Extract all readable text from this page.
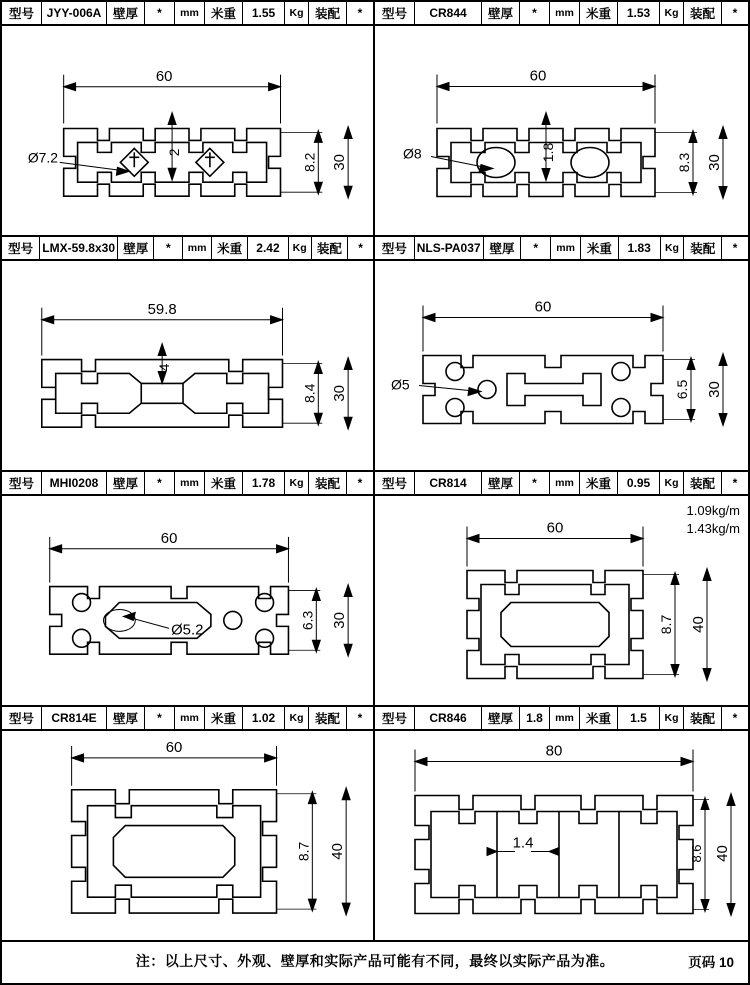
型号	JYY-006A 壁厚	*	mm 米重	1.55	Kg 装配	*
60
2
8.2 30
Ø7.2
型号	CR844	壁厚	*	mm 米重	1.53	Kg 装配	*
60
1.8
8.3 30
Ø8
型号 LMX-59.8x30 壁厚	*	mm 米重	2.42	Kg 装配	*
59.8
4
8.4 30
型号 NLS-PA037 壁厚	*	mm 米重	1.83	Kg 装配	*
60
6.5 30
Ø5
型号	MHI0208	壁厚	*	mm 米重	1.78	Kg 装配	*
60
6.3 30
Ø5.2
型号	CR814	壁厚	*	mm 米重	0.95	Kg 装配	*
1.09kg/m
1.43kg/m
60
8.7 40
型号	CR814E	壁厚	*	mm 米重	1.02	Kg 装配	*
60
8.7 40
型号	CR846	壁厚	1.8	mm 米重	1.5	Kg 装配	*
80
1.4
8.6 40
注：以上尺寸、外观、壁厚和实际产品可能有不同，最终以实际产品为准。	页码 10
